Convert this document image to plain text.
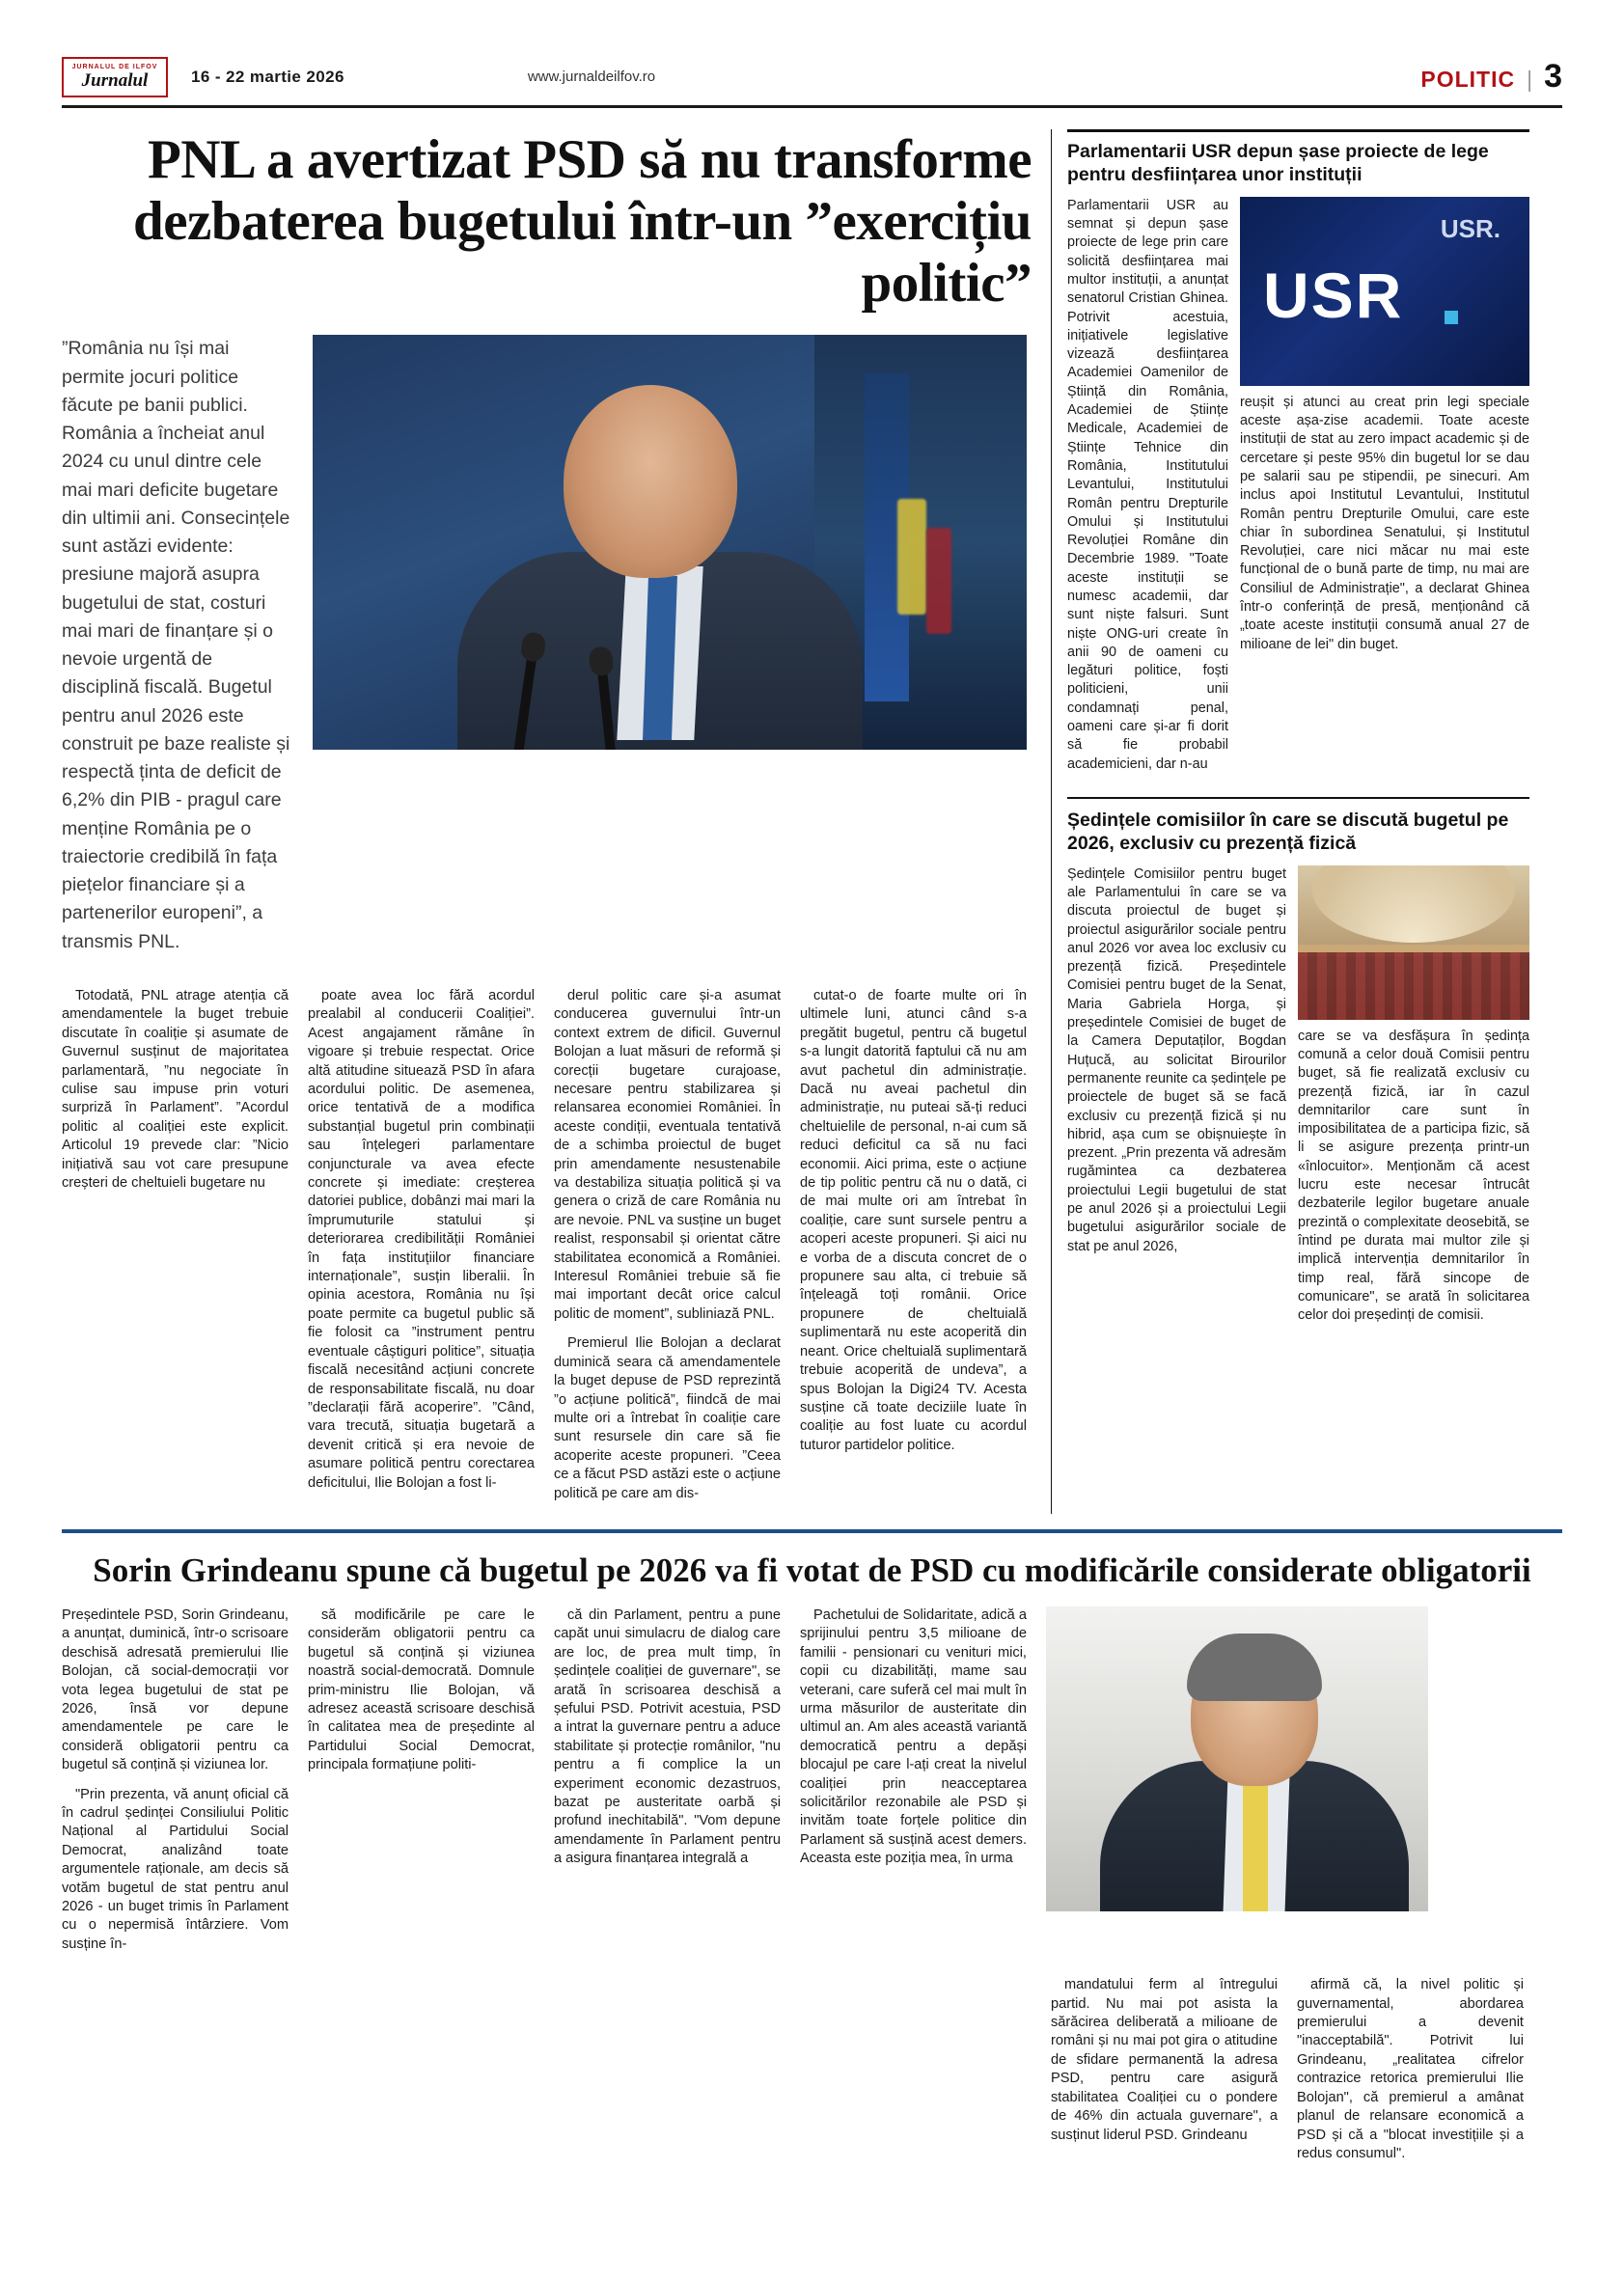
JURNALUL DE ILFOV
Jurnalul	16 - 22 martie 2026	www.jurnaldeilfov.ro	POLITIC | 3
PNL a avertizat PSD să nu transforme dezbaterea bugetului într-un ”exercițiu politic”

”România nu își mai permite jocuri politice făcute pe banii publici. România a încheiat anul 2024 cu unul dintre cele mai mari deficite bugetare din ultimii ani. Consecințele sunt astăzi evidente: presiune majoră asupra bugetului de stat, costuri mai mari de finanțare și o nevoie urgentă de disciplină fiscală. Bugetul pentru anul 2026 este construit pe baze realiste și respectă ținta de deficit de 6,2% din PIB - pragul care menține România pe o traiectorie credibilă în fața piețelor financiare și a partenerilor europeni”, a transmis PNL.

Totodată, PNL atrage atenția că amendamentele la buget trebuie discutate în coaliție și asumate de Guvernul susținut de majoritatea parlamentară, ”nu negociate în culise sau impuse prin voturi surpriză în Parlament”. ”Acordul politic al coaliției este explicit. Articolul 19 prevede clar: ”Nicio inițiativă sau vot care presupune creșteri de cheltuieli bugetare nu

poate avea loc fără acordul prealabil al conducerii Coaliției”. Acest angajament rămâne în vigoare și trebuie respectat. Orice altă atitudine situează PSD în afara acordului politic. De asemenea, orice tentativă de a modifica substanțial bugetul prin combinații sau înțelegeri parlamentare conjuncturale va avea efecte concrete și imediate: creșterea datoriei publice, dobânzi mai mari la împrumuturile statului și deteriorarea credibilității României în fața instituțiilor financiare internaționale”, susțin liberalii. În opinia acestora, România nu își poate permite ca bugetul public să fie folosit ca ”instrument pentru eventuale câștiguri politice”, situația fiscală necesitând acțiuni concrete de responsabilitate fiscală, nu doar ”declarații fără acoperire”. ”Când, vara trecută, situația bugetară a devenit critică și era nevoie de asumare politică pentru corectarea deficitului, Ilie Bolojan a fost li-

derul politic care și-a asumat conducerea guvernului într-un context extrem de dificil. Guvernul Bolojan a luat măsuri de reformă și corecții bugetare curajoase, necesare pentru stabilizarea și relansarea economiei României. În aceste condiții, eventuala tentativă de a schimba proiectul de buget prin amendamente nesustenabile va destabiliza situația politică și va genera o criză de care România nu are nevoie. PNL va susține un buget realist, responsabil și orientat către stabilitatea economică a României. Interesul României trebuie să fie mai important decât orice calcul politic de moment”, subliniază PNL.

Premierul Ilie Bolojan a declarat duminică seara că amendamentele la buget depuse de PSD reprezintă ”o acțiune politică”, fiindcă de mai multe ori a întrebat în coaliție care sunt resursele din care să fie acoperite aceste propuneri. ”Ceea ce a făcut PSD astăzi este o acțiune politică pe care am dis-

cutat-o de foarte multe ori în ultimele luni, atunci când s-a pregătit bugetul, pentru că bugetul s-a lungit datorită faptului că nu am avut pachetul din administrație. Dacă nu aveai pachetul din administrație, nu puteai să-ți reduci cheltuielile de personal, n-ai cum să reduci deficitul ca să nu faci economii. Aici prima, este o acțiune de tip politic pentru că nu o dată, ci de mai multe ori am întrebat în coaliție, care sunt sursele pentru a acoperi aceste propuneri. Și aici nu e vorba de a discuta concret de o propunere sau alta, ci trebuie să înțeleagă toți românii. Orice propunere de cheltuială suplimentară nu este acoperită din neant. Orice cheltuială suplimentară trebuie acoperită de undeva”, a spus Bolojan la Digi24 TV. Acesta susține că toate deciziile luate în coaliție au fost luate cu acordul tuturor partidelor politice.

Parlamentarii USR depun șase proiecte de lege pentru desființarea unor instituții

Parlamentarii USR au semnat și depun șase proiecte de lege prin care solicită desființarea mai multor instituții, a anunțat senatorul Cristian Ghinea. Potrivit acestuia, inițiativele legislative vizează desființarea Academiei Oamenilor de Știință din România, Academiei de Științe Medicale, Academiei de Științe Tehnice din România, Institutului Levantului, Institutului Român pentru Drepturile Omului și Institutului Revoluției Române din Decembrie 1989. "Toate aceste instituții se numesc academii, dar sunt niște falsuri. Sunt niște ONG-uri create în anii 90 de oameni cu legături politice, foști politicieni, unii condamnați penal, oameni care și-ar fi dorit să fie probabil academicieni, dar n-au

USR.
USR

reușit și atunci au creat prin legi speciale aceste așa-zise academii. Toate aceste instituții de stat au zero impact academic și de cercetare și peste 95% din bugetul lor se dau pe salarii sau pe stipendii, pe sinecuri. Am inclus apoi Institutul Levantului, Institutul Român pentru Drepturile Omului, care este chiar în subordinea Senatului, și Institutul Revoluției, care nici măcar nu mai este funcțional de o bună parte de timp, nu mai are Consiliul de Administrație", a declarat Ghinea într-o conferință de presă, menționând că „toate aceste instituții consumă anual 27 de milioane de lei" din buget.

Ședințele comisiilor în care se discută bugetul pe 2026, exclusiv cu prezență fizică

Ședințele Comisiilor pentru buget ale Parlamentului în care se va discuta proiectul de buget și proiectul asigurărilor sociale pentru anul 2026 vor avea loc exclusiv cu prezență fizică. Președintele Comisiei pentru buget de la Senat, Maria Gabriela Horga, și președintele Comisiei de buget de la Camera Deputaților, Bogdan Huțucă, au solicitat Birourilor permanente reunite ca ședințele pe proiectele de buget să se facă exclusiv cu prezență fizică și nu hibrid, așa cum se obișnuiește în prezent. „Prin prezenta vă adresăm rugămintea ca dezbaterea proiectului Legii bugetului de stat pe anul 2026 și a proiectului Legii bugetului asigurărilor sociale de stat pe anul 2026,

care se va desfășura în ședința comună a celor două Comisii pentru buget, să fie realizată exclusiv cu prezență fizică, iar în cazul demnitarilor care sunt în imposibilitatea de a participa fizic, să li se asigure prezența printr-un «înlocuitor». Menționăm că acest lucru este necesar întrucât dezbaterile legilor bugetare anuale prezintă o complexitate deosebită, se întind pe durata mai multor zile și implică intervenția demnitarilor în timp real, fără sincope de comunicare", se arată în solicitarea celor doi președinți de comisii.

Sorin Grindeanu spune că bugetul pe 2026 va fi votat de PSD cu modificările considerate obligatorii

Președintele PSD, Sorin Grindeanu, a anunțat, duminică, într-o scrisoare deschisă adresată premierului Ilie Bolojan, că social-democrații vor vota legea bugetului de stat pe 2026, însă vor depune amendamentele pe care le consideră obligatorii pentru ca bugetul să conțină și viziunea lor.

"Prin prezenta, vă anunț oficial că în cadrul ședinței Consiliului Politic Național al Partidului Social Democrat, analizând toate argumentele raționale, am decis să votăm bugetul de stat pentru anul 2026 - un buget trimis în Parlament cu o nepermisă întârziere. Vom susține în-

să modificările pe care le considerăm obligatorii pentru ca bugetul să conțină și viziunea noastră social-democrată. Domnule prim-ministru Ilie Bolojan, vă adresez această scrisoare deschisă în calitatea mea de președinte al Partidului Social Democrat, principala formațiune politi-

că din Parlament, pentru a pune capăt unui simulacru de dialog care are loc, de prea mult timp, în ședințele coaliției de guvernare", se arată în scrisoarea deschisă a șefului PSD. Potrivit acestuia, PSD a intrat la guvernare pentru a aduce stabilitate și protecție românilor, "nu pentru a fi complice la un experiment economic dezastruos, bazat pe austeritate oarbă și profund inechitabilă". "Vom depune amendamente în Parlament pentru a asigura finanțarea integrală a

Pachetului de Solidaritate, adică a sprijinului pentru 3,5 milioane de familii - pensionari cu venituri mici, copii cu dizabilități, mame sau veterani, care suferă cel mai mult în urma măsurilor de austeritate din ultimul an. Am ales această variantă democratică pentru a depăși blocajul pe care l-ați creat la nivelul coaliției prin neacceptarea solicitărilor rezonabile ale PSD și invităm toate forțele politice din Parlament să susțină acest demers. Aceasta este poziția mea, în urma

mandatului ferm al întregului partid. Nu mai pot asista la sărăcirea deliberată a milioane de români și nu mai pot gira o atitudine de sfidare permanentă la adresa PSD, pentru care asigură stabilitatea Coaliției cu o pondere de 46% din actuala guvernare", a susținut liderul PSD. Grindeanu

afirmă că, la nivel politic și guvernamental, abordarea premierului a devenit "inacceptabilă". Potrivit lui Grindeanu, „realitatea cifrelor contrazice retorica premierului Ilie Bolojan", că premierul a amânat planul de relansare economică a PSD și că a "blocat investițiile și a redus consumul".
